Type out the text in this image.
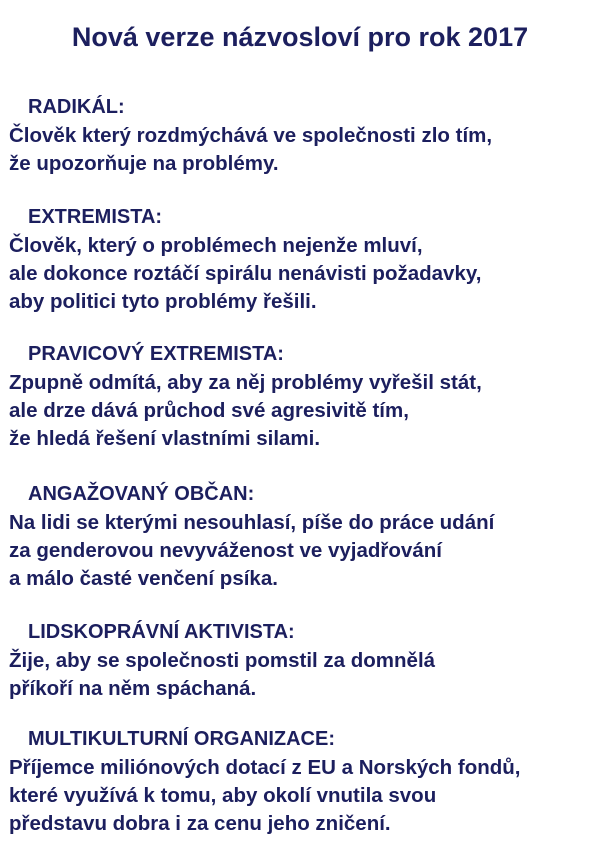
Nová verze názvosloví pro rok 2017
RADIKÁL:
Člověk který rozdmýchává ve společnosti zlo tím,
že upozorňuje na problémy.
EXTREMISTA:
Člověk, který o problémech nejenže mluví,
ale dokonce roztáčí spirálu nenávisti požadavky,
aby politici tyto problémy řešili.
PRAVICOVÝ EXTREMISTA:
Zpupně odmítá, aby za něj problémy vyřešil stát,
ale drze dává průchod své agresivitě tím,
že hledá řešení vlastními silami.
ANGAŽOVANÝ OBČAN:
Na lidi se kterými nesouhlasí, píše do práce udání
za genderovou nevyváženost ve vyjadřování
a málo časté venčení psíka.
LIDSKOPRÁVNÍ AKTIVISTA:
Žije, aby se společnosti pomstil za domnělá
příkoří na něm spáchaná.
MULTIKULTURNÍ ORGANIZACE:
Příjemce miliónových dotací z EU a Norských fondů,
které využívá k tomu, aby okolí vnutila svou
představu dobra i za cenu jeho zničení.
